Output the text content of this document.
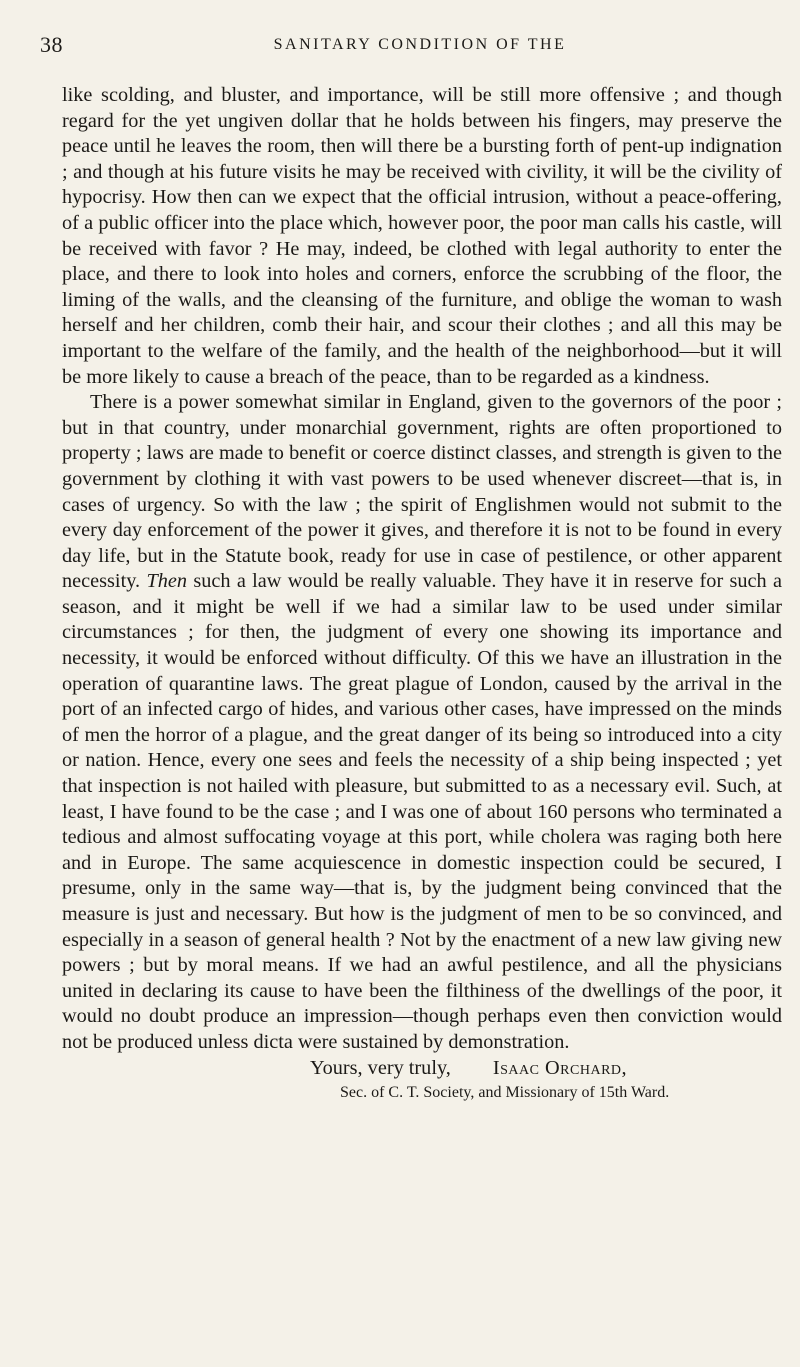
38	SANITARY CONDITION OF THE

like scolding, and bluster, and importance, will be still more offensive ; and though regard for the yet ungiven dollar that he holds between his fingers, may preserve the peace until he leaves the room, then will there be a bursting forth of pent-up indignation ; and though at his future visits he may be received with civility, it will be the civility of hypocrisy. How then can we expect that the official intrusion, without a peace-offering, of a public officer into the place which, however poor, the poor man calls his castle, will be received with favor ? He may, indeed, be clothed with legal authority to enter the place, and there to look into holes and corners, enforce the scrubbing of the floor, the liming of the walls, and the cleansing of the furniture, and oblige the woman to wash herself and her children, comb their hair, and scour their clothes ; and all this may be important to the welfare of the family, and the health of the neighborhood—but it will be more likely to cause a breach of the peace, than to be regarded as a kindness.

There is a power somewhat similar in England, given to the governors of the poor ; but in that country, under monarchial government, rights are often proportioned to property ; laws are made to benefit or coerce distinct classes, and strength is given to the government by clothing it with vast powers to be used whenever discreet—that is, in cases of urgency. So with the law ; the spirit of Englishmen would not submit to the every day enforcement of the power it gives, and therefore it is not to be found in every day life, but in the Statute book, ready for use in case of pestilence, or other apparent necessity. Then such a law would be really valuable. They have it in reserve for such a season, and it might be well if we had a similar law to be used under similar circumstances ; for then, the judgment of every one showing its importance and necessity, it would be enforced without difficulty. Of this we have an illustration in the operation of quarantine laws. The great plague of London, caused by the arrival in the port of an infected cargo of hides, and various other cases, have impressed on the minds of men the horror of a plague, and the great danger of its being so introduced into a city or nation. Hence, every one sees and feels the necessity of a ship being inspected ; yet that inspection is not hailed with pleasure, but submitted to as a necessary evil. Such, at least, I have found to be the case ; and I was one of about 160 persons who terminated a tedious and almost suffocating voyage at this port, while cholera was raging both here and in Europe. The same acquiescence in domestic inspection could be secured, I presume, only in the same way—that is, by the judgment being convinced that the measure is just and necessary. But how is the judgment of men to be so convinced, and especially in a season of general health ? Not by the enactment of a new law giving new powers ; but by moral means. If we had an awful pestilence, and all the physicians united in declaring its cause to have been the filthiness of the dwellings of the poor, it would no doubt produce an impression—though perhaps even then conviction would not be produced unless dicta were sustained by demonstration.

Yours, very truly, Isaac Orchard,

Sec. of C. T. Society, and Missionary of 15th Ward.
